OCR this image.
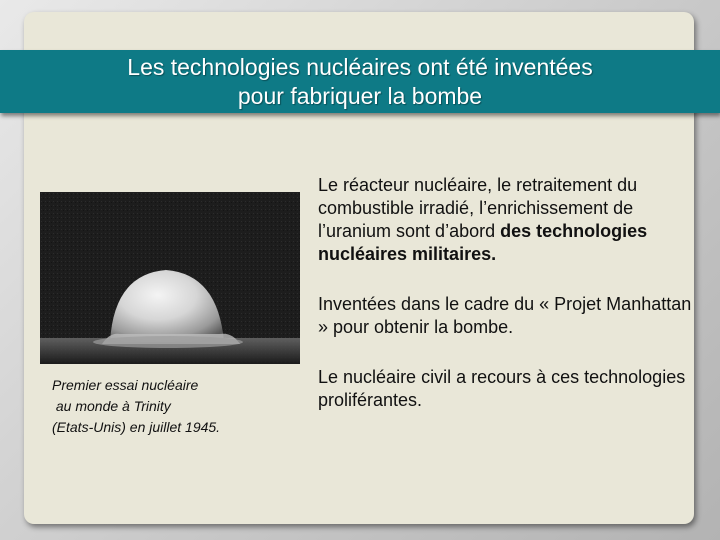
Les technologies nucléaires ont été inventées
pour fabriquer la bombe
Premier essai nucléaire
au monde à Trinity
(Etats-Unis) en juillet 1945.
Le réacteur nucléaire, le retraitement du combustible irradié, l’enrichissement de l’uranium sont d’abord des technologies nucléaires militaires.
Inventées dans le cadre du « Projet Manhattan » pour obtenir la bombe.
Le nucléaire civil a recours à ces technologies proliférantes.
